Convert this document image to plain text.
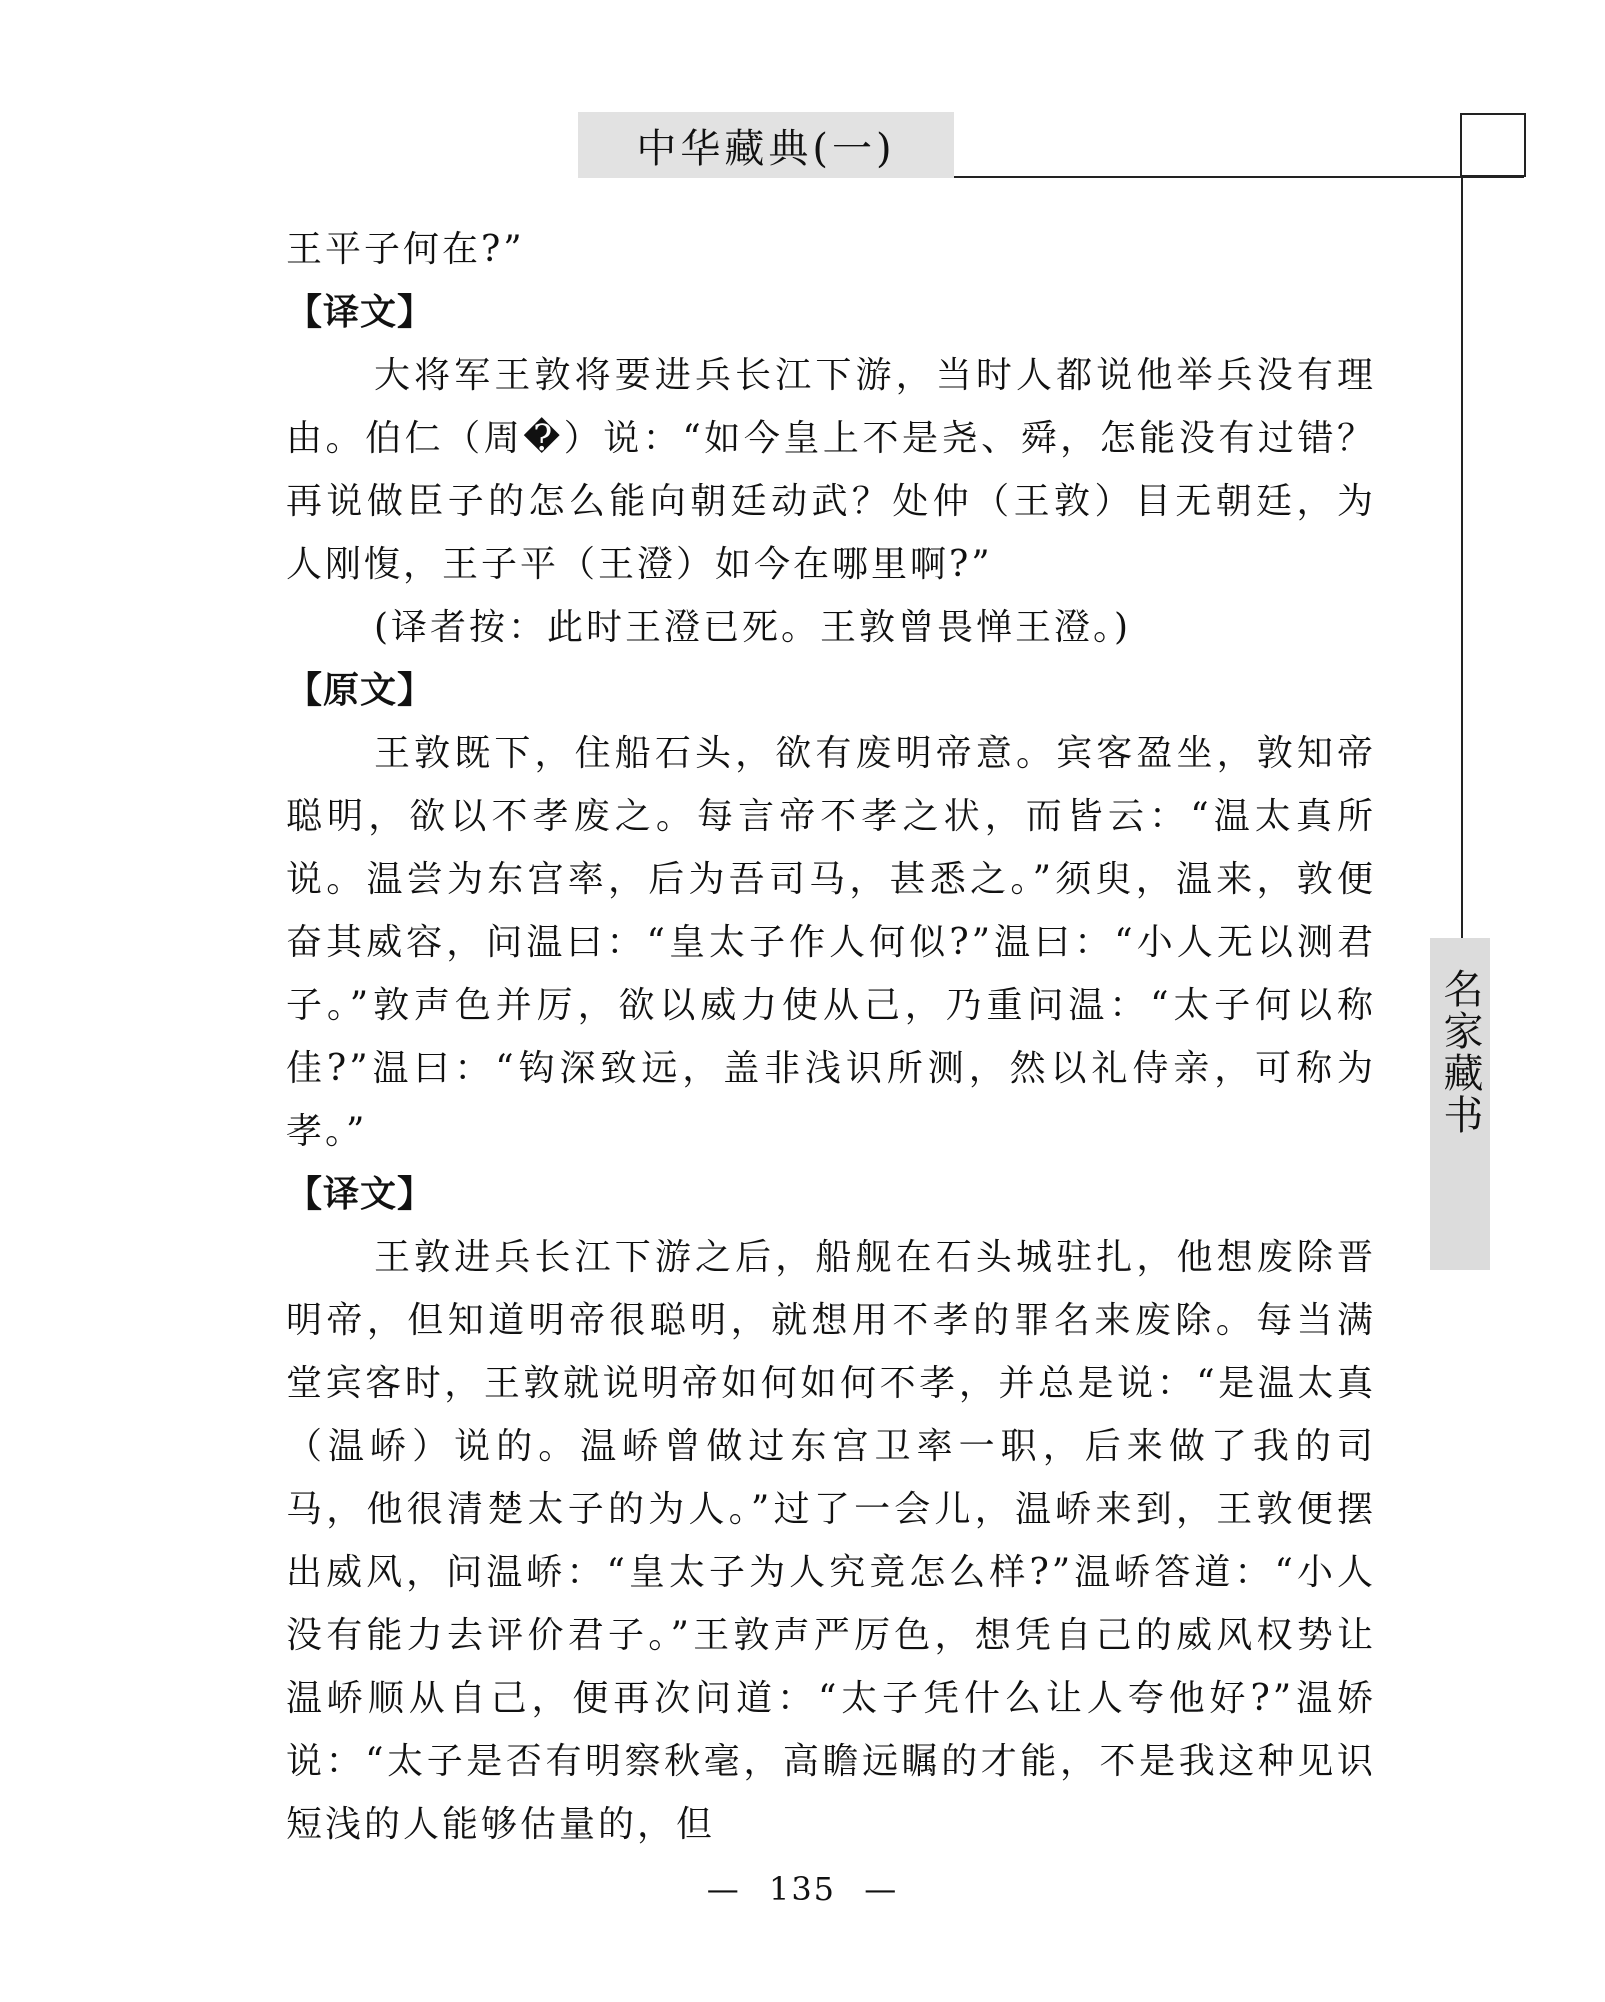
中华藏典(一)
名家藏书

王平子何在?”

【译文】

大将军王敦将要进兵长江下游，当时人都说他举兵没有理由。伯仁（周�）说：“如今皇上不是尧、舜，怎能没有过错？再说做臣子的怎么能向朝廷动武？处仲（王敦）目无朝廷，为人刚愎，王子平（王澄）如今在哪里啊?”

(译者按：此时王澄已死。王敦曾畏惮王澄。)

【原文】

王敦既下，住船石头，欲有废明帝意。宾客盈坐，敦知帝聪明，欲以不孝废之。每言帝不孝之状，而皆云：“温太真所说。温尝为东宫率，后为吾司马，甚悉之。”须臾，温来，敦便奋其威容，问温曰：“皇太子作人何似?”温曰：“小人无以测君子。”敦声色并厉，欲以威力使从己，乃重问温：“太子何以称佳?”温曰：“钩深致远，盖非浅识所测，然以礼侍亲，可称为孝。”

【译文】

王敦进兵长江下游之后，船舰在石头城驻扎，他想废除晋明帝，但知道明帝很聪明，就想用不孝的罪名来废除。每当满堂宾客时，王敦就说明帝如何如何不孝，并总是说：“是温太真（温峤）说的。温峤曾做过东宫卫率一职，后来做了我的司马，他很清楚太子的为人。”过了一会儿，温峤来到，王敦便摆出威风，问温峤：“皇太子为人究竟怎么样?”温峤答道：“小人没有能力去评价君子。”王敦声严厉色，想凭自己的威风权势让温峤顺从自己，便再次问道：“太子凭什么让人夸他好?”温娇说：“太子是否有明察秋毫，高瞻远瞩的才能，不是我这种见识短浅的人能够估量的，但

— 135 —
